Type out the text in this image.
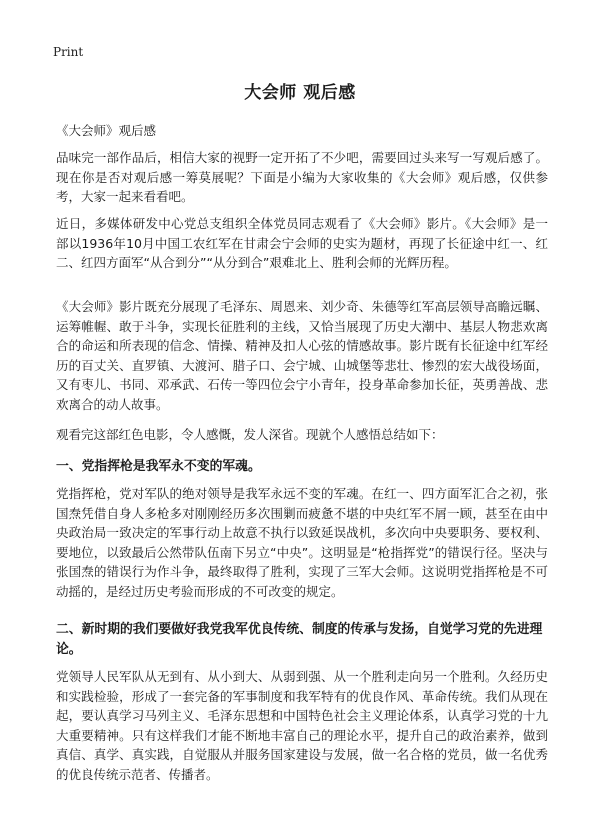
Print
大会师 观后感
《大会师》观后感

品味完一部作品后，相信大家的视野一定开拓了不少吧，需要回过头来写一写观后感了。现在你是否对观后感一筹莫展呢？下面是小编为大家收集的《大会师》观后感，仅供参考，大家一起来看看吧。

近日，多媒体研发中心党总支组织全体党员同志观看了《大会师》影片。《大会师》是一部以1936年10月中国工农红军在甘肃会宁会师的史实为题材，再现了长征途中红一、红二、红四方面军“从合到分”“从分到合”艰难北上、胜利会师的光辉历程。

《大会师》影片既充分展现了毛泽东、周恩来、刘少奇、朱德等红军高层领导高瞻远瞩、运筹帷幄、敢于斗争，实现长征胜利的主线，又恰当展现了历史大潮中、基层人物悲欢离合的命运和所表现的信念、情操、精神及扣人心弦的情感故事。影片既有长征途中红军经历的百丈关、直罗镇、大渡河、腊子口、会宁城、山城堡等悲壮、惨烈的宏大战役场面，又有枣儿、书同、邓承武、石传一等四位会宁小青年，投身革命参加长征，英勇善战、悲欢离合的动人故事。

观看完这部红色电影，令人感慨，发人深省。现就个人感悟总结如下：

一、党指挥枪是我军永不变的军魂。

党指挥枪，党对军队的绝对领导是我军永远不变的军魂。在红一、四方面军汇合之初，张国焘凭借自身人多枪多对刚刚经历多次围剿而疲惫不堪的中央红军不屑一顾，甚至在由中央政治局一致决定的军事行动上故意不执行以致延误战机，多次向中央要职务、要权利、要地位，以致最后公然带队伍南下另立“中央”。这明显是“枪指挥党”的错误行径。坚决与张国焘的错误行为作斗争，最终取得了胜利，实现了三军大会师。这说明党指挥枪是不可动摇的，是经过历史考验而形成的不可改变的规定。

二、新时期的我们要做好我党我军优良传统、制度的传承与发扬，自觉学习党的先进理论。

党领导人民军队从无到有、从小到大、从弱到强、从一个胜利走向另一个胜利。久经历史和实践检验，形成了一套完备的军事制度和我军特有的优良作风、革命传统。我们从现在起，要认真学习马列主义、毛泽东思想和中国特色社会主义理论体系，认真学习党的十九大重要精神。只有这样我们才能不断地丰富自己的理论水平，提升自己的政治素养，做到真信、真学、真实践，自觉服从并服务国家建设与发展，做一名合格的党员，做一名优秀的优良传统示范者、传播者。
